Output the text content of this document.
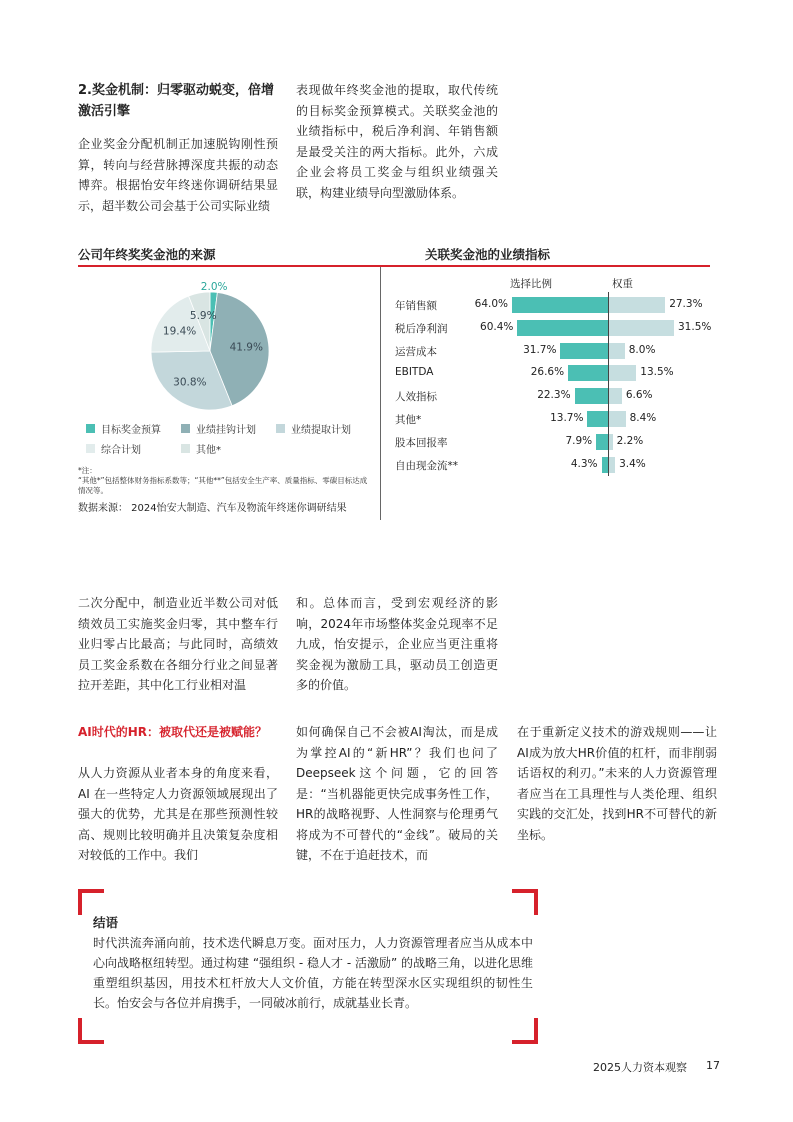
2.奖金机制：归零驱动蜕变，倍增激活引擎

企业奖金分配机制正加速脱钩刚性预算，转向与经营脉搏深度共振的动态博弈。根据怡安年终迷你调研结果显示，超半数公司会基于公司实际业绩

表现做年终奖金池的提取，取代传统的目标奖金预算模式。关联奖金池的业绩指标中，税后净利润、年销售额是最受关注的两大指标。此外，六成企业会将员工奖金与组织业绩强关联，构建业绩导向型激励体系。

公司年终奖奖金池的来源	关联奖金池的业绩指标
2.0%
41.9%
30.8%
19.4%
5.9%
目标奖金预算	业绩挂钩计划	业绩提取计划
综合计划	其他*
*注：
“其他*”包括整体财务指标系数等；“其他**”包括安全生产率、质量指标、零碳目标达成情况等。
数据来源： 2024怡安大制造、汽车及物流年终迷你调研结果
选择比例	权重
年销售额	64.0%	27.3%
税后净利润	60.4%	31.5%
运营成本	31.7%	8.0%
EBITDA	26.6%	13.5%
人效指标	22.3%	6.6%
其他*	13.7%	8.4%
股本回报率	7.9% 2.2%
自由现金流**	4.3% 3.4%

二次分配中，制造业近半数公司对低绩效员工实施奖金归零，其中整车行业归零占比最高；与此同时，高绩效员工奖金系数在各细分行业之间显著拉开差距，其中化工行业相对温

和。总体而言，受到宏观经济的影响，2024年市场整体奖金兑现率不足九成，怡安提示，企业应当更注重将奖金视为激励工具，驱动员工创造更多的价值。

AI时代的HR：被取代还是被赋能？

从人力资源从业者本身的角度来看，AI 在一些特定人力资源领域展现出了强大的优势，尤其是在那些预测性较高、规则比较明确并且决策复杂度相对较低的工作中。我们

如何确保自己不会被AI淘汰，而是成为掌控AI的“新HR”？我们也问了Deepseek这个问题，它的回答是：“当机器能更快完成事务性工作，HR的战略视野、人性洞察与伦理勇气将成为不可替代的“金线”。破局的关键，不在于追赶技术，而

在于重新定义技术的游戏规则——让AI成为放大HR价值的杠杆，而非削弱话语权的利刃。”未来的人力资源管理者应当在工具理性与人类伦理、组织实践的交汇处，找到HR不可替代的新坐标。

结语

时代洪流奔涌向前，技术迭代瞬息万变。面对压力，人力资源管理者应当从成本中心向战略枢纽转型。通过构建 “强组织 - 稳人才 - 活激励” 的战略三角，以进化思维重塑组织基因，用技术杠杆放大人文价值，方能在转型深水区实现组织的韧性生长。怡安会与各位并肩携手，一同破冰前行，成就基业长青。

2025人力资本观察 17
